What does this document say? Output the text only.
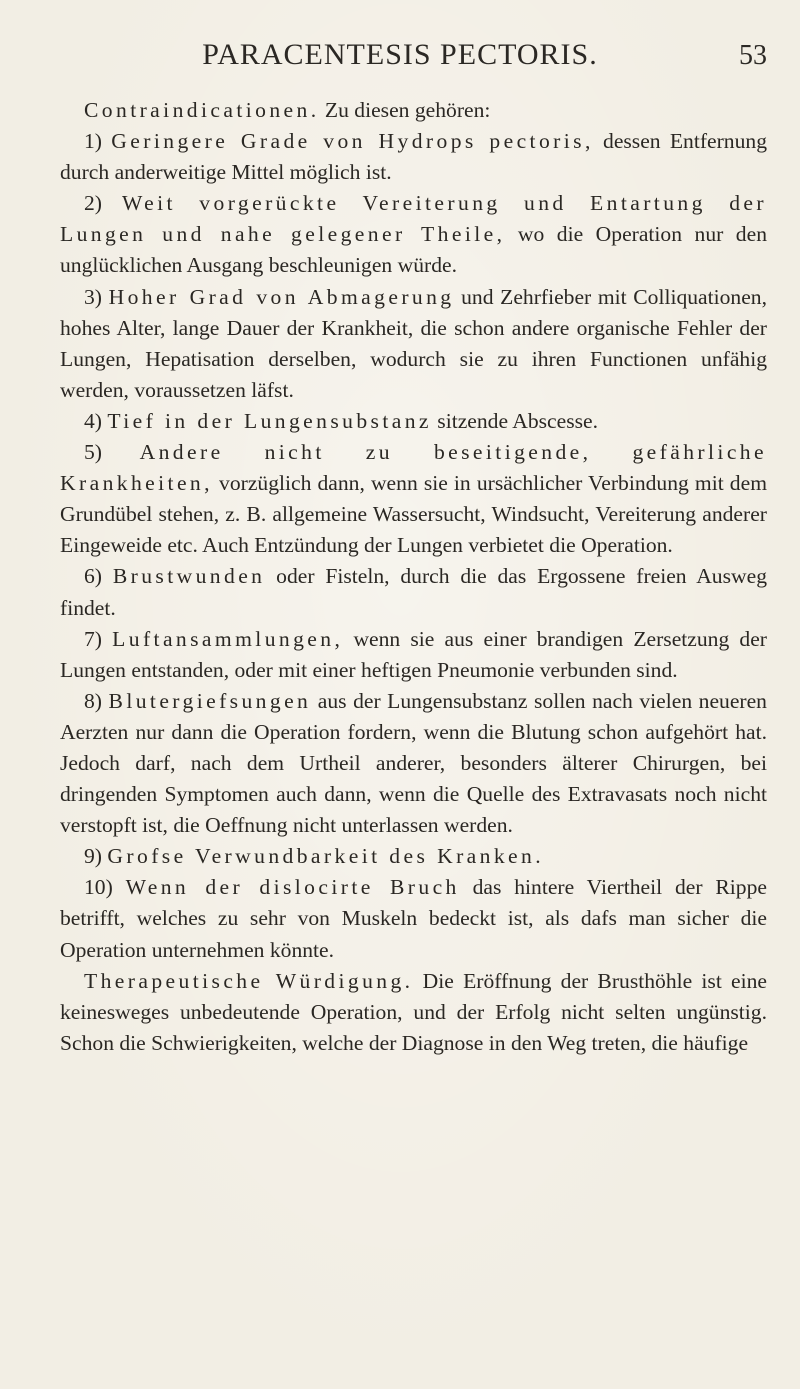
PARACENTESIS PECTORIS.	53

Contraindicationen. Zu diesen gehören:

1) Geringere Grade von Hydrops pectoris, dessen Entfernung durch anderweitige Mittel möglich ist.

2) Weit vorgerückte Vereiterung und Entartung der Lungen und nahe gelegener Theile, wo die Operation nur den unglücklichen Ausgang beschleunigen würde.

3) Hoher Grad von Abmagerung und Zehrfieber mit Colliquationen, hohes Alter, lange Dauer der Krankheit, die schon andere organische Fehler der Lungen, Hepatisation derselben, wodurch sie zu ihren Functionen unfähig werden, voraussetzen läfst.

4) Tief in der Lungensubstanz sitzende Abscesse.

5) Andere nicht zu beseitigende, gefährliche Krankheiten, vorzüglich dann, wenn sie in ursächlicher Verbindung mit dem Grundübel stehen, z. B. allgemeine Wassersucht, Windsucht, Vereiterung anderer Eingeweide etc. Auch Entzündung der Lungen verbietet die Operation.

6) Brustwunden oder Fisteln, durch die das Ergossene freien Ausweg findet.

7) Luftansammlungen, wenn sie aus einer brandigen Zersetzung der Lungen entstanden, oder mit einer heftigen Pneumonie verbunden sind.

8) Blutergiefsungen aus der Lungensubstanz sollen nach vielen neueren Aerzten nur dann die Operation fordern, wenn die Blutung schon aufgehört hat. Jedoch darf, nach dem Urtheil anderer, besonders älterer Chirurgen, bei dringenden Symptomen auch dann, wenn die Quelle des Extravasats noch nicht verstopft ist, die Oeffnung nicht unterlassen werden.

9) Grofse Verwundbarkeit des Kranken.

10) Wenn der dislocirte Bruch das hintere Viertheil der Rippe betrifft, welches zu sehr von Muskeln bedeckt ist, als dafs man sicher die Operation unternehmen könnte.

Therapeutische Würdigung. Die Eröffnung der Brusthöhle ist eine keinesweges unbedeutende Operation, und der Erfolg nicht selten ungünstig. Schon die Schwierigkeiten, welche der Diagnose in den Weg treten, die häufige
